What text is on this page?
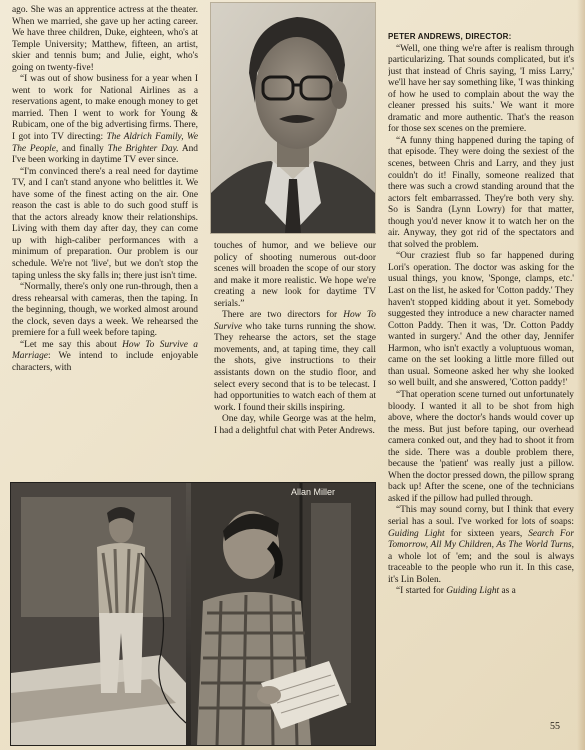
ago. She was an apprentice actress at the theater. When we married, she gave up her acting career. We have three children, Duke, eighteen, who's at Temple University; Matthew, fifteen, an artist, skier and tennis bum; and Julie, eight, who's going on twenty-five!

“I was out of show business for a year when I went to work for National Airlines as a reservations agent, to make enough money to get married. Then I went to work for Young & Rubicam, one of the big advertising firms. There, I got into TV directing: The Aldrich Family, We The People, and finally The Brighter Day. And I've been working in daytime TV ever since.

“I'm convinced there's a real need for daytime TV, and I can't stand anyone who belittles it. We have some of the finest acting on the air. One reason the cast is able to do such good stuff is that the actors already know their relationships. Living with them day after day, they can come up with high-caliber performances with a minimum of preparation. Our problem is our schedule. We're not 'live', but we don't stop the taping unless the sky falls in; there just isn't time.

“Normally, there's only one run-through, then a dress rehearsal with cameras, then the taping. In the beginning, though, we worked almost around the clock, seven days a week. We rehearsed the premiere for a full week before taping.

“Let me say this about How To Survive a Marriage: We intend to include enjoyable characters, with

touches of humor, and we believe our policy of shooting numerous out-door scenes will broaden the scope of our story and make it more realistic. We hope we're creating a new look for daytime TV serials.”

There are two directors for How To Survive who take turns running the show. They rehearse the actors, set the stage movements, and, at taping time, they call the shots, give instructions to their assistants down on the studio floor, and select every second that is to be telecast. I had opportunities to watch each of them at work. I found their skills inspiring.

One day, while George was at the helm, I had a delightful chat with Peter Andrews.

PETER ANDREWS, DIRECTOR:

“Well, one thing we're after is realism through particularizing. That sounds complicated, but it's just that instead of Chris saying, 'I miss Larry,' we'll have her say something like, 'I was thinking of how he used to complain about the way the cleaner pressed his suits.' We want it more dramatic and more authentic. That's the reason for those sex scenes on the premiere.

“A funny thing happened during the taping of that episode. They were doing the sexiest of the scenes, between Chris and Larry, and they just couldn't do it! Finally, someone realized that there was such a crowd standing around that the actors felt embarrassed. They're both very shy. So is Sandra (Lynn Lowry) for that matter, though you'd never know it to watch her on the air. Anyway, they got rid of the spectators and that solved the problem.

“Our craziest flub so far happened during Lori's operation. The doctor was asking for the usual things, you know, 'Sponge, clamps, etc.' Last on the list, he asked for 'Cotton paddy.' They haven't stopped kidding about it yet. Somebody suggested they introduce a new character named Cotton Paddy. Then it was, 'Dr. Cotton Paddy wanted in surgery.' And the other day, Jennifer Harmon, who isn't exactly a voluptuous woman, came on the set looking a little more filled out than usual. Someone asked her why she looked so well built, and she answered, 'Cotton paddy!'

“That operation scene turned out unfortunately bloody. I wanted it all to be shot from high above, where the doctor's hands would cover up the mess. But just before taping, our overhead camera conked out, and they had to shoot it from the side. There was a double problem there, because the 'patient' was really just a pillow. When the doctor pressed down, the pillow sprang back up! After the scene, one of the technicians asked if the pillow had pulled through.

“This may sound corny, but I think that every serial has a soul. I've worked for lots of soaps: Guiding Light for sixteen years, Search For Tomorrow, All My Children, As The World Turns, a whole lot of 'em; and the soul is always traceable to the people who run it. In this case, it's Lin Bolen.

“I started for Guiding Light as a

Allan Miller
55
